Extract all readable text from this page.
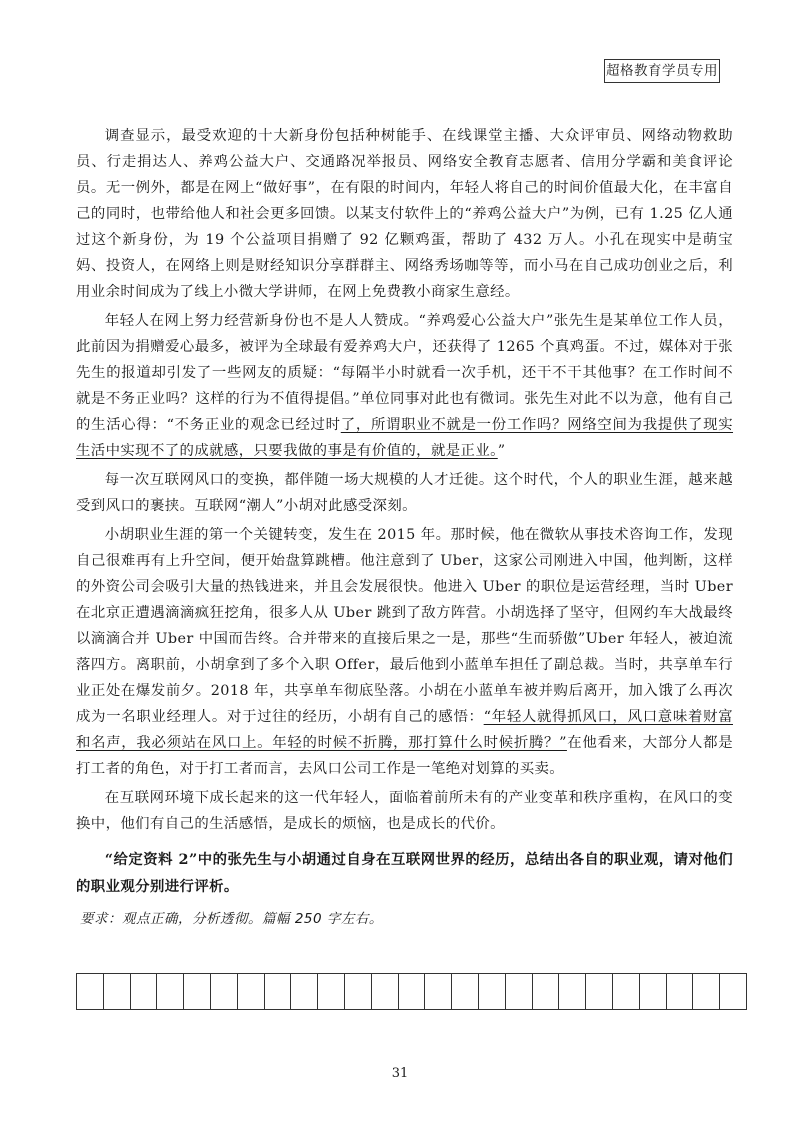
超格教育学员专用

调查显示，最受欢迎的十大新身份包括种树能手、在线课堂主播、大众评审员、网络动物救助员、行走捐达人、养鸡公益大户、交通路况举报员、网络安全教育志愿者、信用分学霸和美食评论员。无一例外，都是在网上“做好事”，在有限的时间内，年轻人将自己的时间价值最大化，在丰富自己的同时，也带给他人和社会更多回馈。以某支付软件上的“养鸡公益大户”为例，已有 1.25 亿人通过这个新身份，为 19 个公益项目捐赠了 92 亿颗鸡蛋，帮助了 432 万人。小孔在现实中是萌宝妈、投资人，在网络上则是财经知识分享群群主、网络秀场咖等等，而小马在自己成功创业之后，利用业余时间成为了线上小微大学讲师，在网上免费教小商家生意经。

年轻人在网上努力经营新身份也不是人人赞成。“养鸡爱心公益大户”张先生是某单位工作人员，此前因为捐赠爱心最多，被评为全球最有爱养鸡大户，还获得了 1265 个真鸡蛋。不过，媒体对于张先生的报道却引发了一些网友的质疑：“每隔半小时就看一次手机，还干不干其他事？在工作时间不就是不务正业吗？这样的行为不值得提倡。”单位同事对此也有微词。张先生对此不以为意，他有自己的生活心得：“不务正业的观念已经过时了，所谓职业不就是一份工作吗？网络空间为我提供了现实生活中实现不了的成就感，只要我做的事是有价值的，就是正业。”

每一次互联网风口的变换，都伴随一场大规模的人才迁徙。这个时代，个人的职业生涯，越来越受到风口的裹挟。互联网“潮人”小胡对此感受深刻。

小胡职业生涯的第一个关键转变，发生在 2015 年。那时候，他在微软从事技术咨询工作，发现自己很难再有上升空间，便开始盘算跳槽。他注意到了 Uber，这家公司刚进入中国，他判断，这样的外资公司会吸引大量的热钱进来，并且会发展很快。他进入 Uber 的职位是运营经理，当时 Uber 在北京正遭遇滴滴疯狂挖角，很多人从 Uber 跳到了敌方阵营。小胡选择了坚守，但网约车大战最终以滴滴合并 Uber 中国而告终。合并带来的直接后果之一是，那些“生而骄傲”Uber 年轻人，被迫流落四方。离职前，小胡拿到了多个入职 Offer，最后他到小蓝单车担任了副总裁。当时，共享单车行业正处在爆发前夕。2018 年，共享单车彻底坠落。小胡在小蓝单车被并购后离开，加入饿了么再次成为一名职业经理人。对于过往的经历，小胡有自己的感悟：“年轻人就得抓风口，风口意味着财富和名声，我必须站在风口上。年轻的时候不折腾，那打算什么时候折腾？”在他看来，大部分人都是打工者的角色，对于打工者而言，去风口公司工作是一笔绝对划算的买卖。

在互联网环境下成长起来的这一代年轻人，面临着前所未有的产业变革和秩序重构，在风口的变换中，他们有自己的生活感悟，是成长的烦恼，也是成长的代价。

“给定资料 2”中的张先生与小胡通过自身在互联网世界的经历，总结出各自的职业观，请对他们的职业观分别进行评析。

要求：观点正确，分析透彻。篇幅 250 字左右。

31
